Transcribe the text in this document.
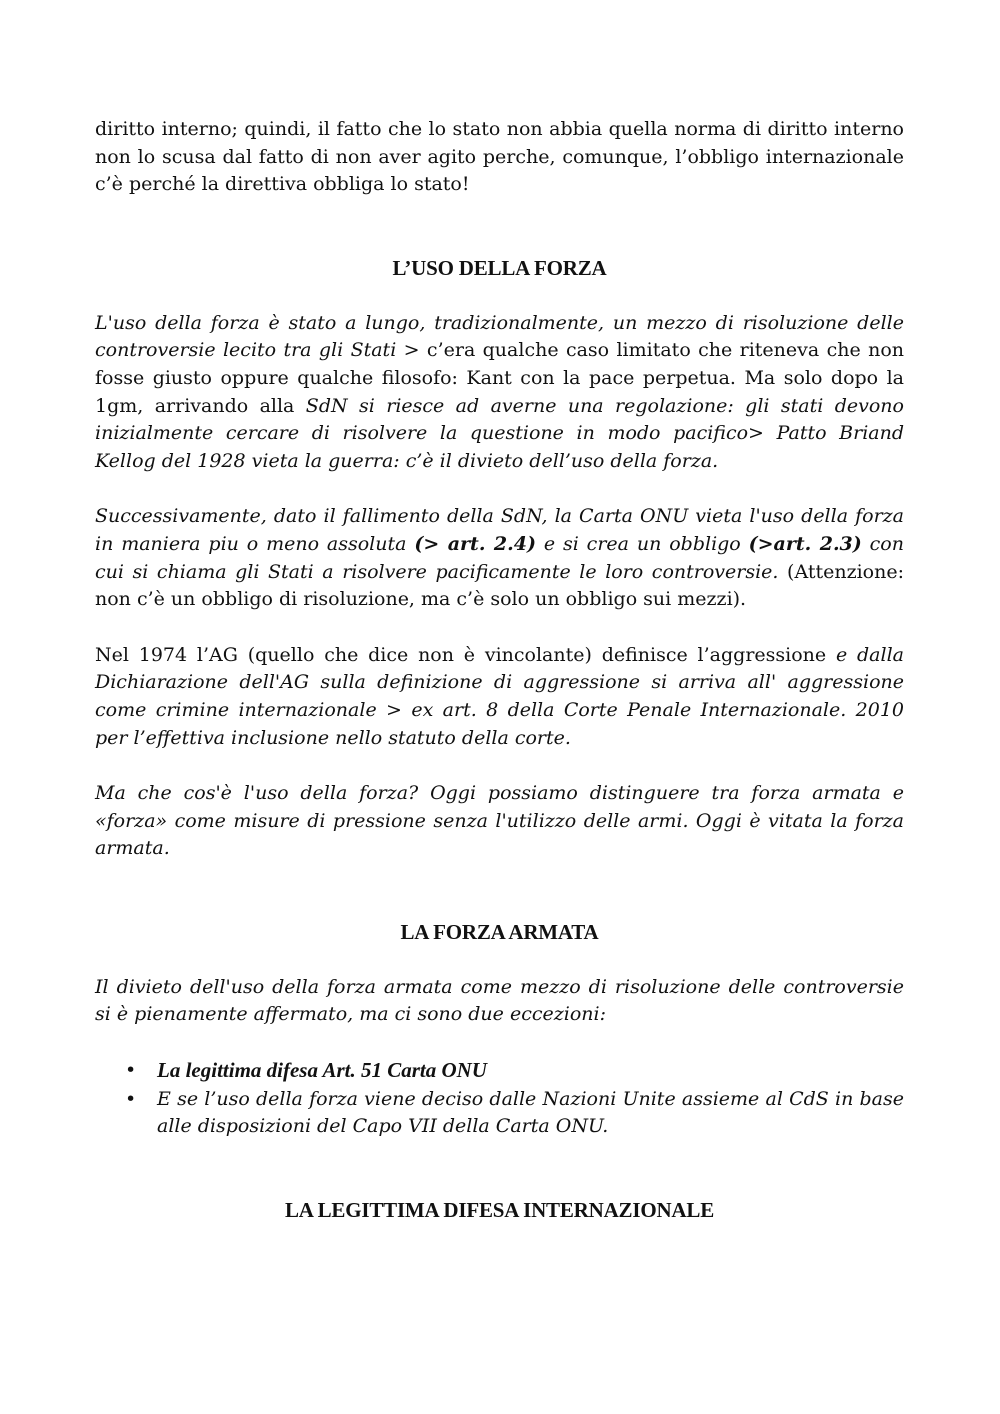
diritto interno; quindi, il fatto che lo stato non abbia quella norma di diritto interno non lo scusa dal fatto di non aver agito perche, comunque, l’obbligo internazionale c’è perché la direttiva obbliga lo stato!

L’USO DELLA FORZA

L'uso della forza è stato a lungo, tradizionalmente, un mezzo di risoluzione delle controversie lecito tra gli Stati > c’era qualche caso limitato che riteneva che non fosse giusto oppure qualche filosofo: Kant con la pace perpetua. Ma solo dopo la 1gm, arrivando alla SdN si riesce ad averne una regolazione: gli stati devono inizialmente cercare di risolvere la questione in modo pacifico> Patto Briand Kellog del 1928 vieta la guerra: c’è il divieto dell’uso della forza.

Successivamente, dato il fallimento della SdN, la Carta ONU vieta l'uso della forza in maniera piu o meno assoluta (> art. 2.4) e si crea un obbligo (>art. 2.3) con cui si chiama gli Stati a risolvere pacificamente le loro controversie. (Attenzione: non c’è un obbligo di risoluzione, ma c’è solo un obbligo sui mezzi).

Nel 1974 l’AG (quello che dice non è vincolante) definisce l’aggressione e dalla Dichiarazione dell'AG sulla definizione di aggressione si arriva all' aggressione come crimine internazionale > ex art. 8 della Corte Penale Internazionale. 2010 per l’effettiva inclusione nello statuto della corte.

Ma che cos'è l'uso della forza? Oggi possiamo distinguere tra forza armata e «forza» come misure di pressione senza l'utilizzo delle armi. Oggi è vitata la forza armata.

LA FORZA ARMATA

Il divieto dell'uso della forza armata come mezzo di risoluzione delle controversie si è pienamente affermato, ma ci sono due eccezioni:

• La legittima difesa Art. 51 Carta ONU
• E se l’uso della forza viene deciso dalle Nazioni Unite assieme al CdS in base alle disposizioni del Capo VII della Carta ONU.
LA LEGITTIMA DIFESA INTERNAZIONALE
